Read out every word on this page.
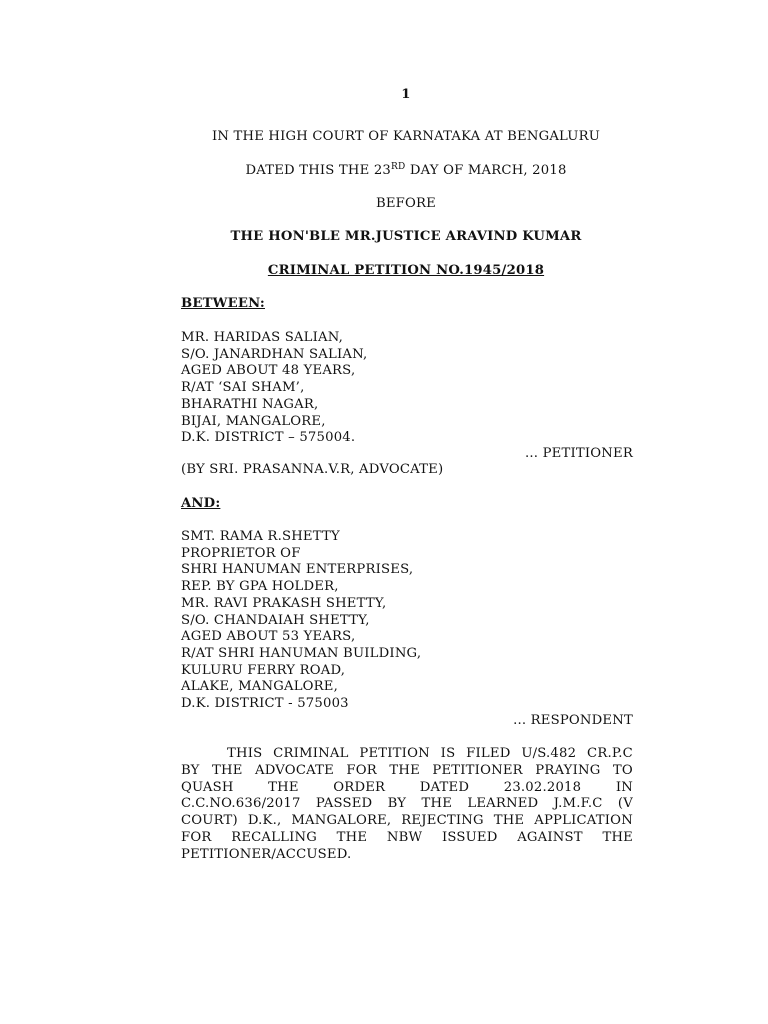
1
IN THE HIGH COURT OF KARNATAKA AT BENGALURU
DATED THIS THE 23RD DAY OF MARCH, 2018
BEFORE
THE HON'BLE MR.JUSTICE ARAVIND KUMAR
CRIMINAL PETITION NO.1945/2018
BETWEEN:
MR. HARIDAS SALIAN,
S/O. JANARDHAN SALIAN,
AGED ABOUT 48 YEARS,
R/AT ‘SAI SHAM’,
BHARATHI NAGAR,
BIJAI, MANGALORE,
D.K. DISTRICT – 575004.
... PETITIONER
(BY SRI. PRASANNA.V.R, ADVOCATE)
AND:
SMT. RAMA R.SHETTY
PROPRIETOR OF
SHRI HANUMAN ENTERPRISES,
REP. BY GPA HOLDER,
MR. RAVI PRAKASH SHETTY,
S/O. CHANDAIAH SHETTY,
AGED ABOUT 53 YEARS,
R/AT SHRI HANUMAN BUILDING,
KULURU FERRY ROAD,
ALAKE, MANGALORE,
D.K. DISTRICT - 575003
... RESPONDENT
THIS CRIMINAL PETITION IS FILED U/S.482 CR.P.C
BY THE ADVOCATE FOR THE PETITIONER PRAYING TO
QUASH	THE	ORDER	DATED	23.02.2018	IN
C.C.NO.636/2017 PASSED BY THE LEARNED J.M.F.C (V
COURT) D.K., MANGALORE, REJECTING THE APPLICATION
FOR RECALLING THE NBW ISSUED AGAINST THE
PETITIONER/ACCUSED.
